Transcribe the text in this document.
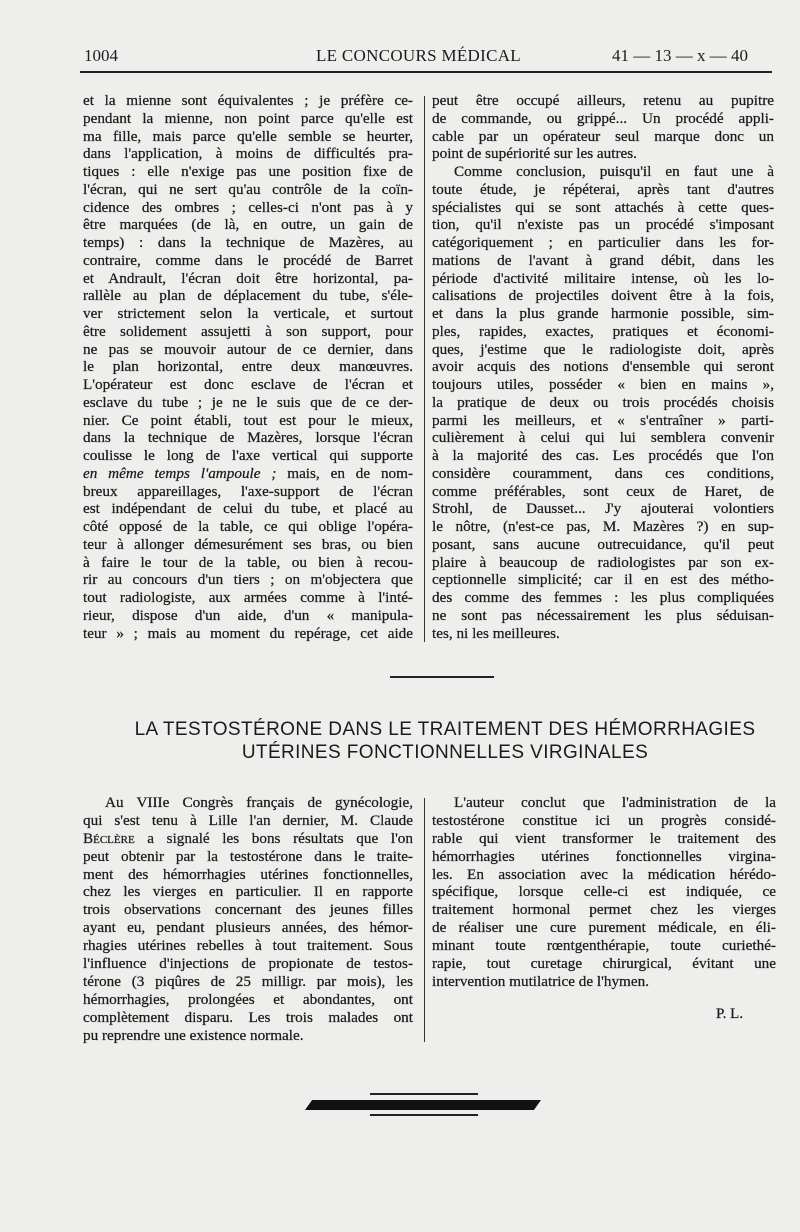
1004	LE CONCOURS MÉDICAL	41 — 13 — x — 40
et la mienne sont équivalentes ; je préfère ce-
pendant la mienne, non point parce qu'elle est
ma fille, mais parce qu'elle semble se heurter,
dans l'application, à moins de difficultés pra-
tiques : elle n'exige pas une position fixe de
l'écran, qui ne sert qu'au contrôle de la coïn-
cidence des ombres ; celles-ci n'ont pas à y
être marquées (de là, en outre, un gain de
temps) : dans la technique de Mazères, au
contraire, comme dans le procédé de Barret
et Andrault, l'écran doit être horizontal, pa-
rallèle au plan de déplacement du tube, s'éle-
ver strictement selon la verticale, et surtout
être solidement assujetti à son support, pour
ne pas se mouvoir autour de ce dernier, dans
le plan horizontal, entre deux manœuvres.
L'opérateur est donc esclave de l'écran et
esclave du tube ; je ne le suis que de ce der-
nier. Ce point établi, tout est pour le mieux,
dans la technique de Mazères, lorsque l'écran
coulisse le long de l'axe vertical qui supporte
en même temps l'ampoule ; mais, en de nom-
breux appareillages, l'axe-support de l'écran
est indépendant de celui du tube, et placé au
côté opposé de la table, ce qui oblige l'opéra-
teur à allonger démesurément ses bras, ou bien
à faire le tour de la table, ou bien à recou-
rir au concours d'un tiers ; on m'objectera que
tout radiologiste, aux armées comme à l'inté-
rieur, dispose d'un aide, d'un « manipula-
teur » ; mais au moment du repérage, cet aide
peut être occupé ailleurs, retenu au pupitre
de commande, ou grippé... Un procédé appli-
cable par un opérateur seul marque donc un
point de supériorité sur les autres.
Comme conclusion, puisqu'il en faut une à
toute étude, je répéterai, après tant d'autres
spécialistes qui se sont attachés à cette ques-
tion, qu'il n'existe pas un procédé s'imposant
catégoriquement ; en particulier dans les for-
mations de l'avant à grand débit, dans les
période d'activité militaire intense, où les lo-
calisations de projectiles doivent être à la fois,
et dans la plus grande harmonie possible, sim-
ples, rapides, exactes, pratiques et économi-
ques, j'estime que le radiologiste doit, après
avoir acquis des notions d'ensemble qui seront
toujours utiles, posséder « bien en mains »,
la pratique de deux ou trois procédés choisis
parmi les meilleurs, et « s'entraîner » parti-
culièrement à celui qui lui semblera convenir
à la majorité des cas. Les procédés que l'on
considère couramment, dans ces conditions,
comme préférables, sont ceux de Haret, de
Strohl, de Dausset... J'y ajouterai volontiers
le nôtre, (n'est-ce pas, M. Mazères ?) en sup-
posant, sans aucune outrecuidance, qu'il peut
plaire à beaucoup de radiologistes par son ex-
ceptionnelle simplicité; car il en est des métho-
des comme des femmes : les plus compliquées
ne sont pas nécessairement les plus séduisan-
tes, ni les meilleures.
LA TESTOSTÉRONE DANS LE TRAITEMENT DES HÉMORRHAGIES
UTÉRINES FONCTIONNELLES VIRGINALES
Au VIIIe Congrès français de gynécologie,
qui s'est tenu à Lille l'an dernier, M. Claude
Béclère a signalé les bons résultats que l'on
peut obtenir par la testostérone dans le traite-
ment des hémorrhagies utérines fonctionnelles,
chez les vierges en particulier. Il en rapporte
trois observations concernant des jeunes filles
ayant eu, pendant plusieurs années, des hémor-
rhagies utérines rebelles à tout traitement. Sous
l'influence d'injections de propionate de testos-
térone (3 piqûres de 25 milligr. par mois), les
hémorrhagies, prolongées et abondantes, ont
complètement disparu. Les trois malades ont
pu reprendre une existence normale.
L'auteur conclut que l'administration de la
testostérone constitue ici un progrès considé-
rable qui vient transformer le traitement des
hémorrhagies utérines fonctionnelles virgina-
les. En association avec la médication hérédo-
spécifique, lorsque celle-ci est indiquée, ce
traitement hormonal permet chez les vierges
de réaliser une cure purement médicale, en éli-
minant toute rœntgenthérapie, toute curiethé-
rapie, tout curetage chirurgical, évitant une
intervention mutilatrice de l'hymen.
P. L.
